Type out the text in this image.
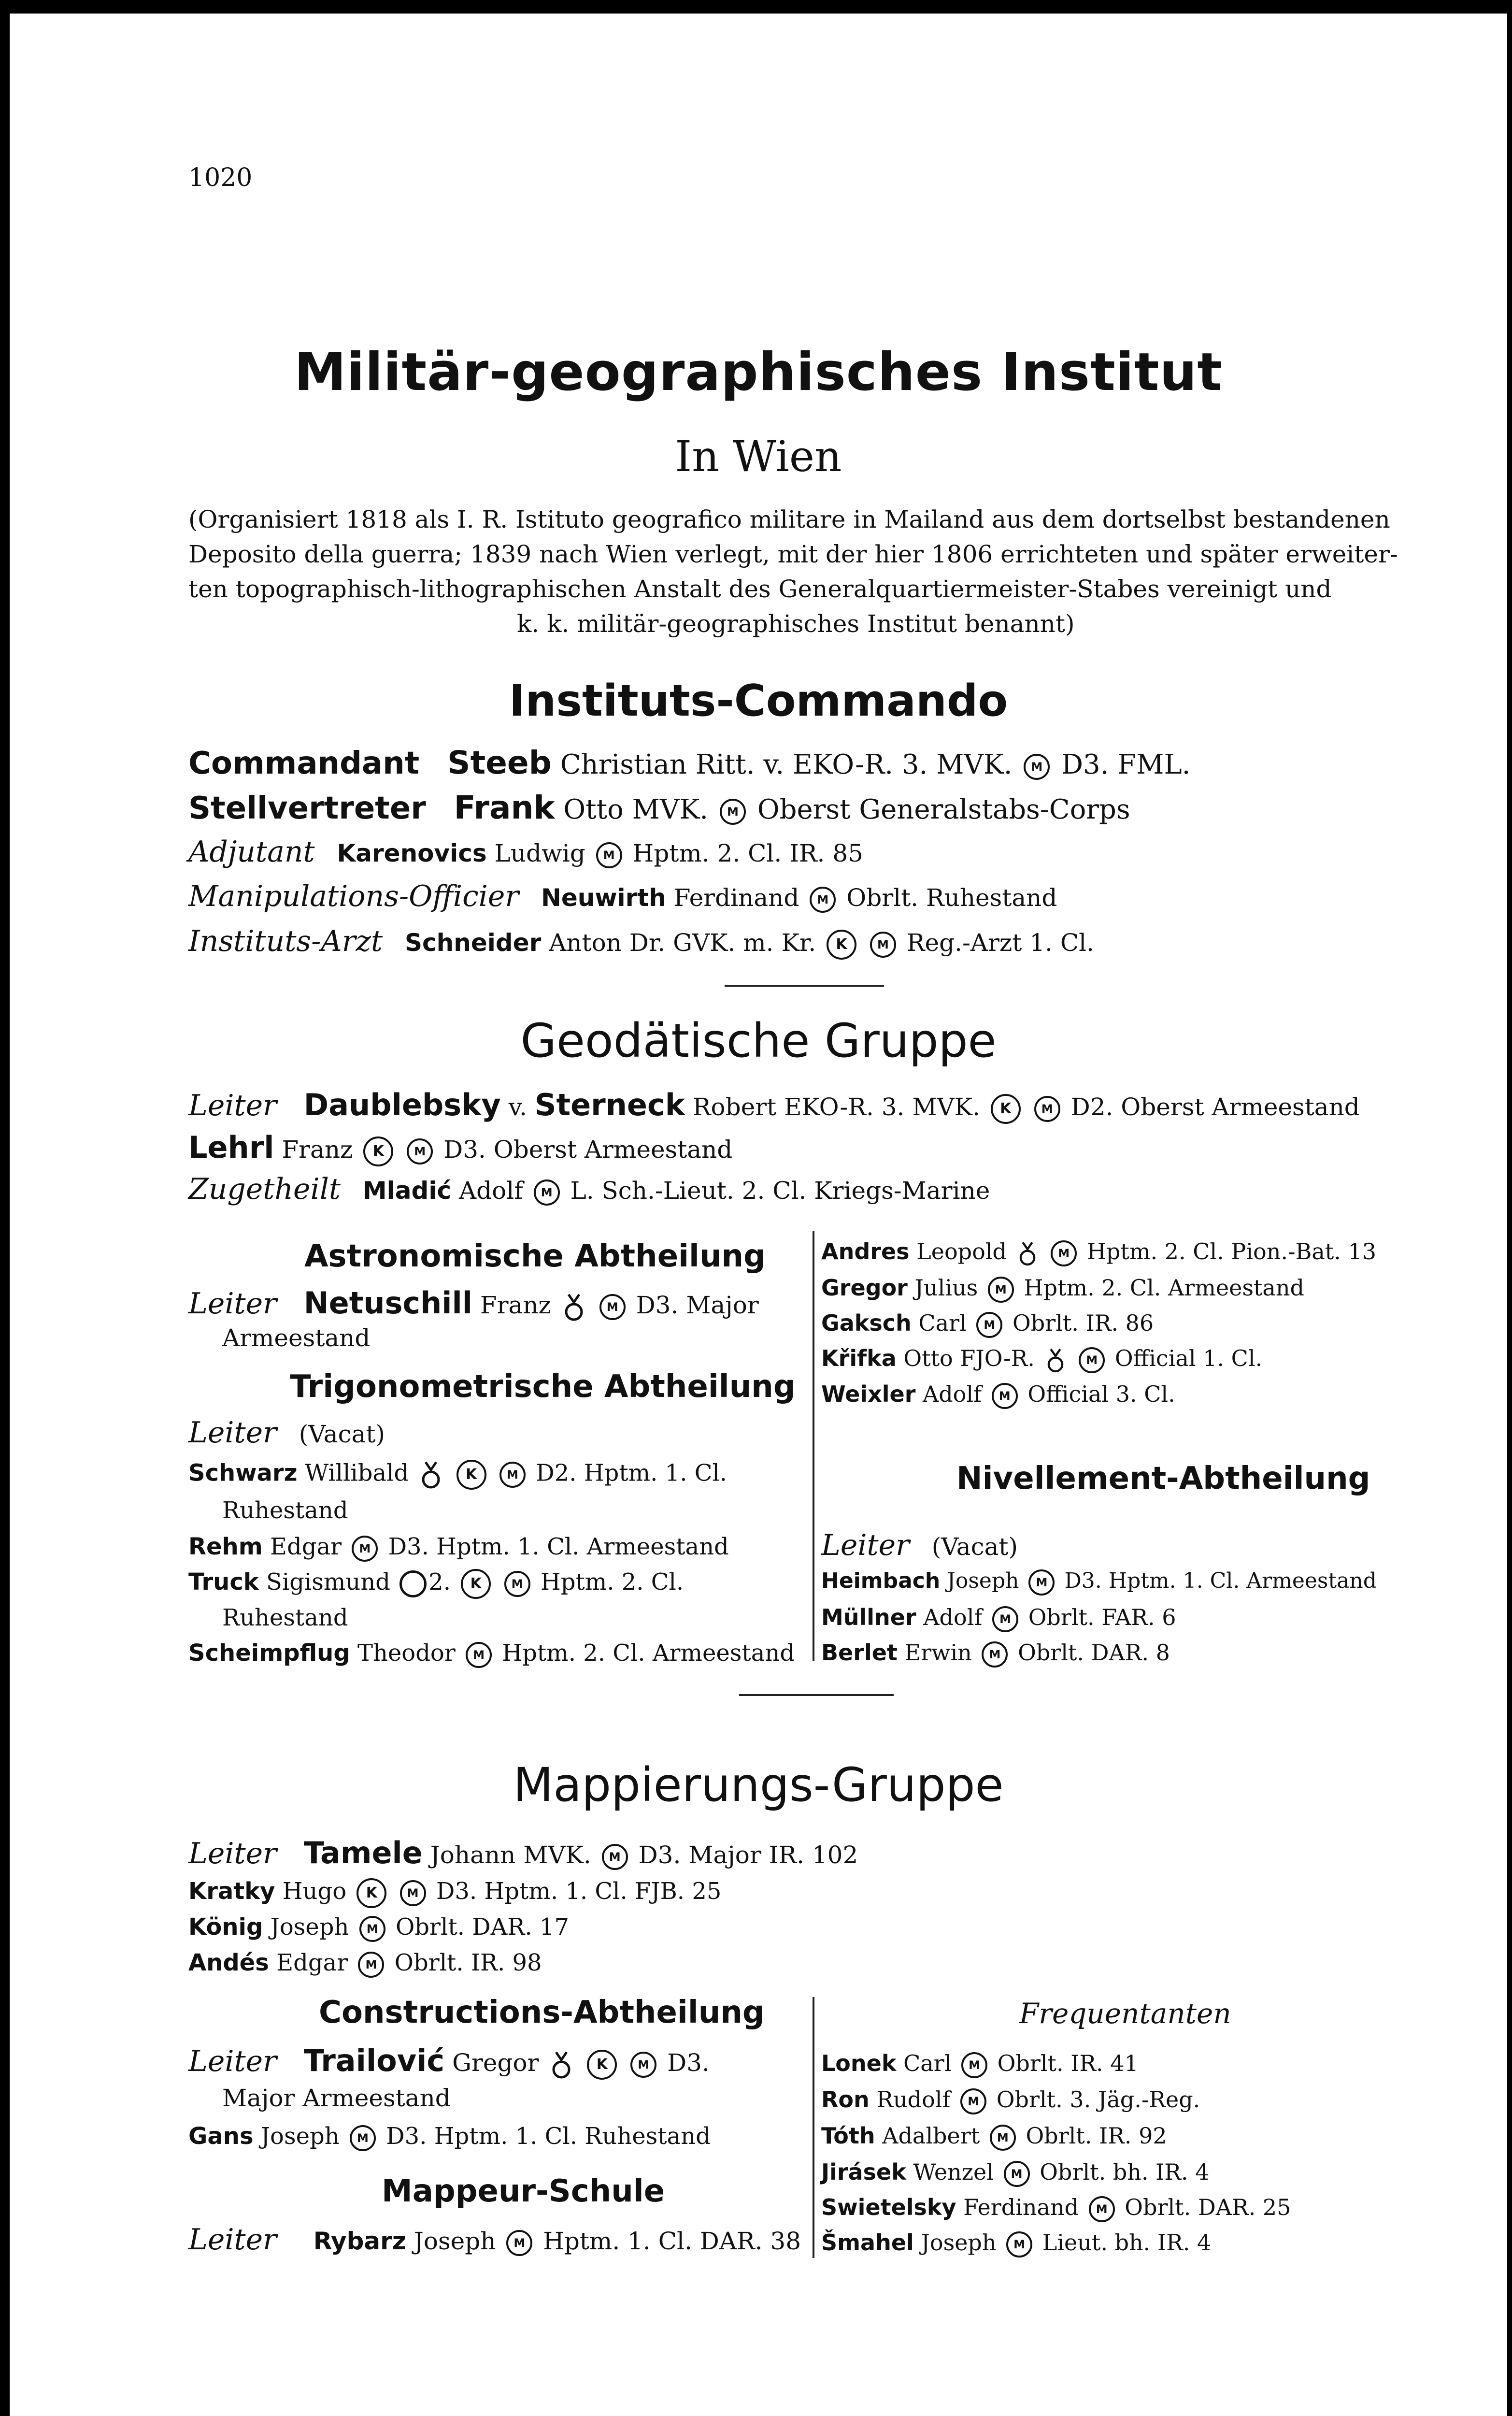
1020
Militär-geographisches Institut
In Wien
(Organisiert 1818 als I. R. Istituto geografico militare in Mailand aus dem dortselbst bestandenen
Deposito della guerra; 1839 nach Wien verlegt, mit der hier 1806 errichteten und später erweiter-
ten topographisch-lithographischen Anstalt des Generalquartiermeister-Stabes vereinigt und
k. k. militär-geographisches Institut benannt)
Instituts-Commando
Commandant Steeb Christian Ritt. v. EKO-R. 3. MVK. M D3. FML.
Stellvertreter Frank Otto MVK. M Oberst Generalstabs-Corps
Adjutant Karenovics Ludwig M Hptm. 2. Cl. IR. 85
Manipulations-Officier Neuwirth Ferdinand M Obrlt. Ruhestand
Instituts-Arzt Schneider Anton Dr. GVK. m. Kr. K	M Reg.-Arzt 1. Cl.
Geodätische Gruppe
Leiter Daublebsky v. Sterneck Robert EKO-R. 3. MVK. K	M D2. Oberst Armeestand
Lehrl Franz K	M D3. Oberst Armeestand
Zugetheilt Mladić Adolf M L. Sch.-Lieut. 2. Cl. Kriegs-Marine
Astronomische Abtheilung
Leiter Netuschill Franz	M D3. Major
Armeestand
Trigonometrische Abtheilung
Leiter (Vacat)
Schwarz Willibald	K	M D2. Hptm. 1. Cl.
Ruhestand
Rehm Edgar M D3. Hptm. 1. Cl. Armeestand
Truck Sigismund 2. K	M Hptm. 2. Cl.
Ruhestand
Scheimpflug Theodor M Hptm. 2. Cl. Armeestand
Andres Leopold	M Hptm. 2. Cl. Pion.-Bat. 13
Gregor Julius M Hptm. 2. Cl. Armeestand
Gaksch Carl M Obrlt. IR. 86
Křifka Otto FJO-R.	M Official 1. Cl.
Weixler Adolf M Official 3. Cl.
Nivellement-Abtheilung
Leiter (Vacat)
Heimbach Joseph M D3. Hptm. 1. Cl. Armeestand
Müllner Adolf M Obrlt. FAR. 6
Berlet Erwin M Obrlt. DAR. 8
Mappierungs-Gruppe
Leiter Tamele Johann MVK. M D3. Major IR. 102
Kratky Hugo K	M D3. Hptm. 1. Cl. FJB. 25
König Joseph M Obrlt. DAR. 17
Andés Edgar M Obrlt. IR. 98
Constructions-Abtheilung
Leiter Trailović Gregor	K	M D3.
Major Armeestand
Gans Joseph M D3. Hptm. 1. Cl. Ruhestand
Mappeur-Schule
Leiter Rybarz Joseph M Hptm. 1. Cl. DAR. 38
Frequentanten
Lonek Carl M Obrlt. IR. 41
Ron Rudolf M Obrlt. 3. Jäg.-Reg.
Tóth Adalbert M Obrlt. IR. 92
Jirásek Wenzel M Obrlt. bh. IR. 4
Swietelsky Ferdinand M Obrlt. DAR. 25
Šmahel Joseph M Lieut. bh. IR. 4
